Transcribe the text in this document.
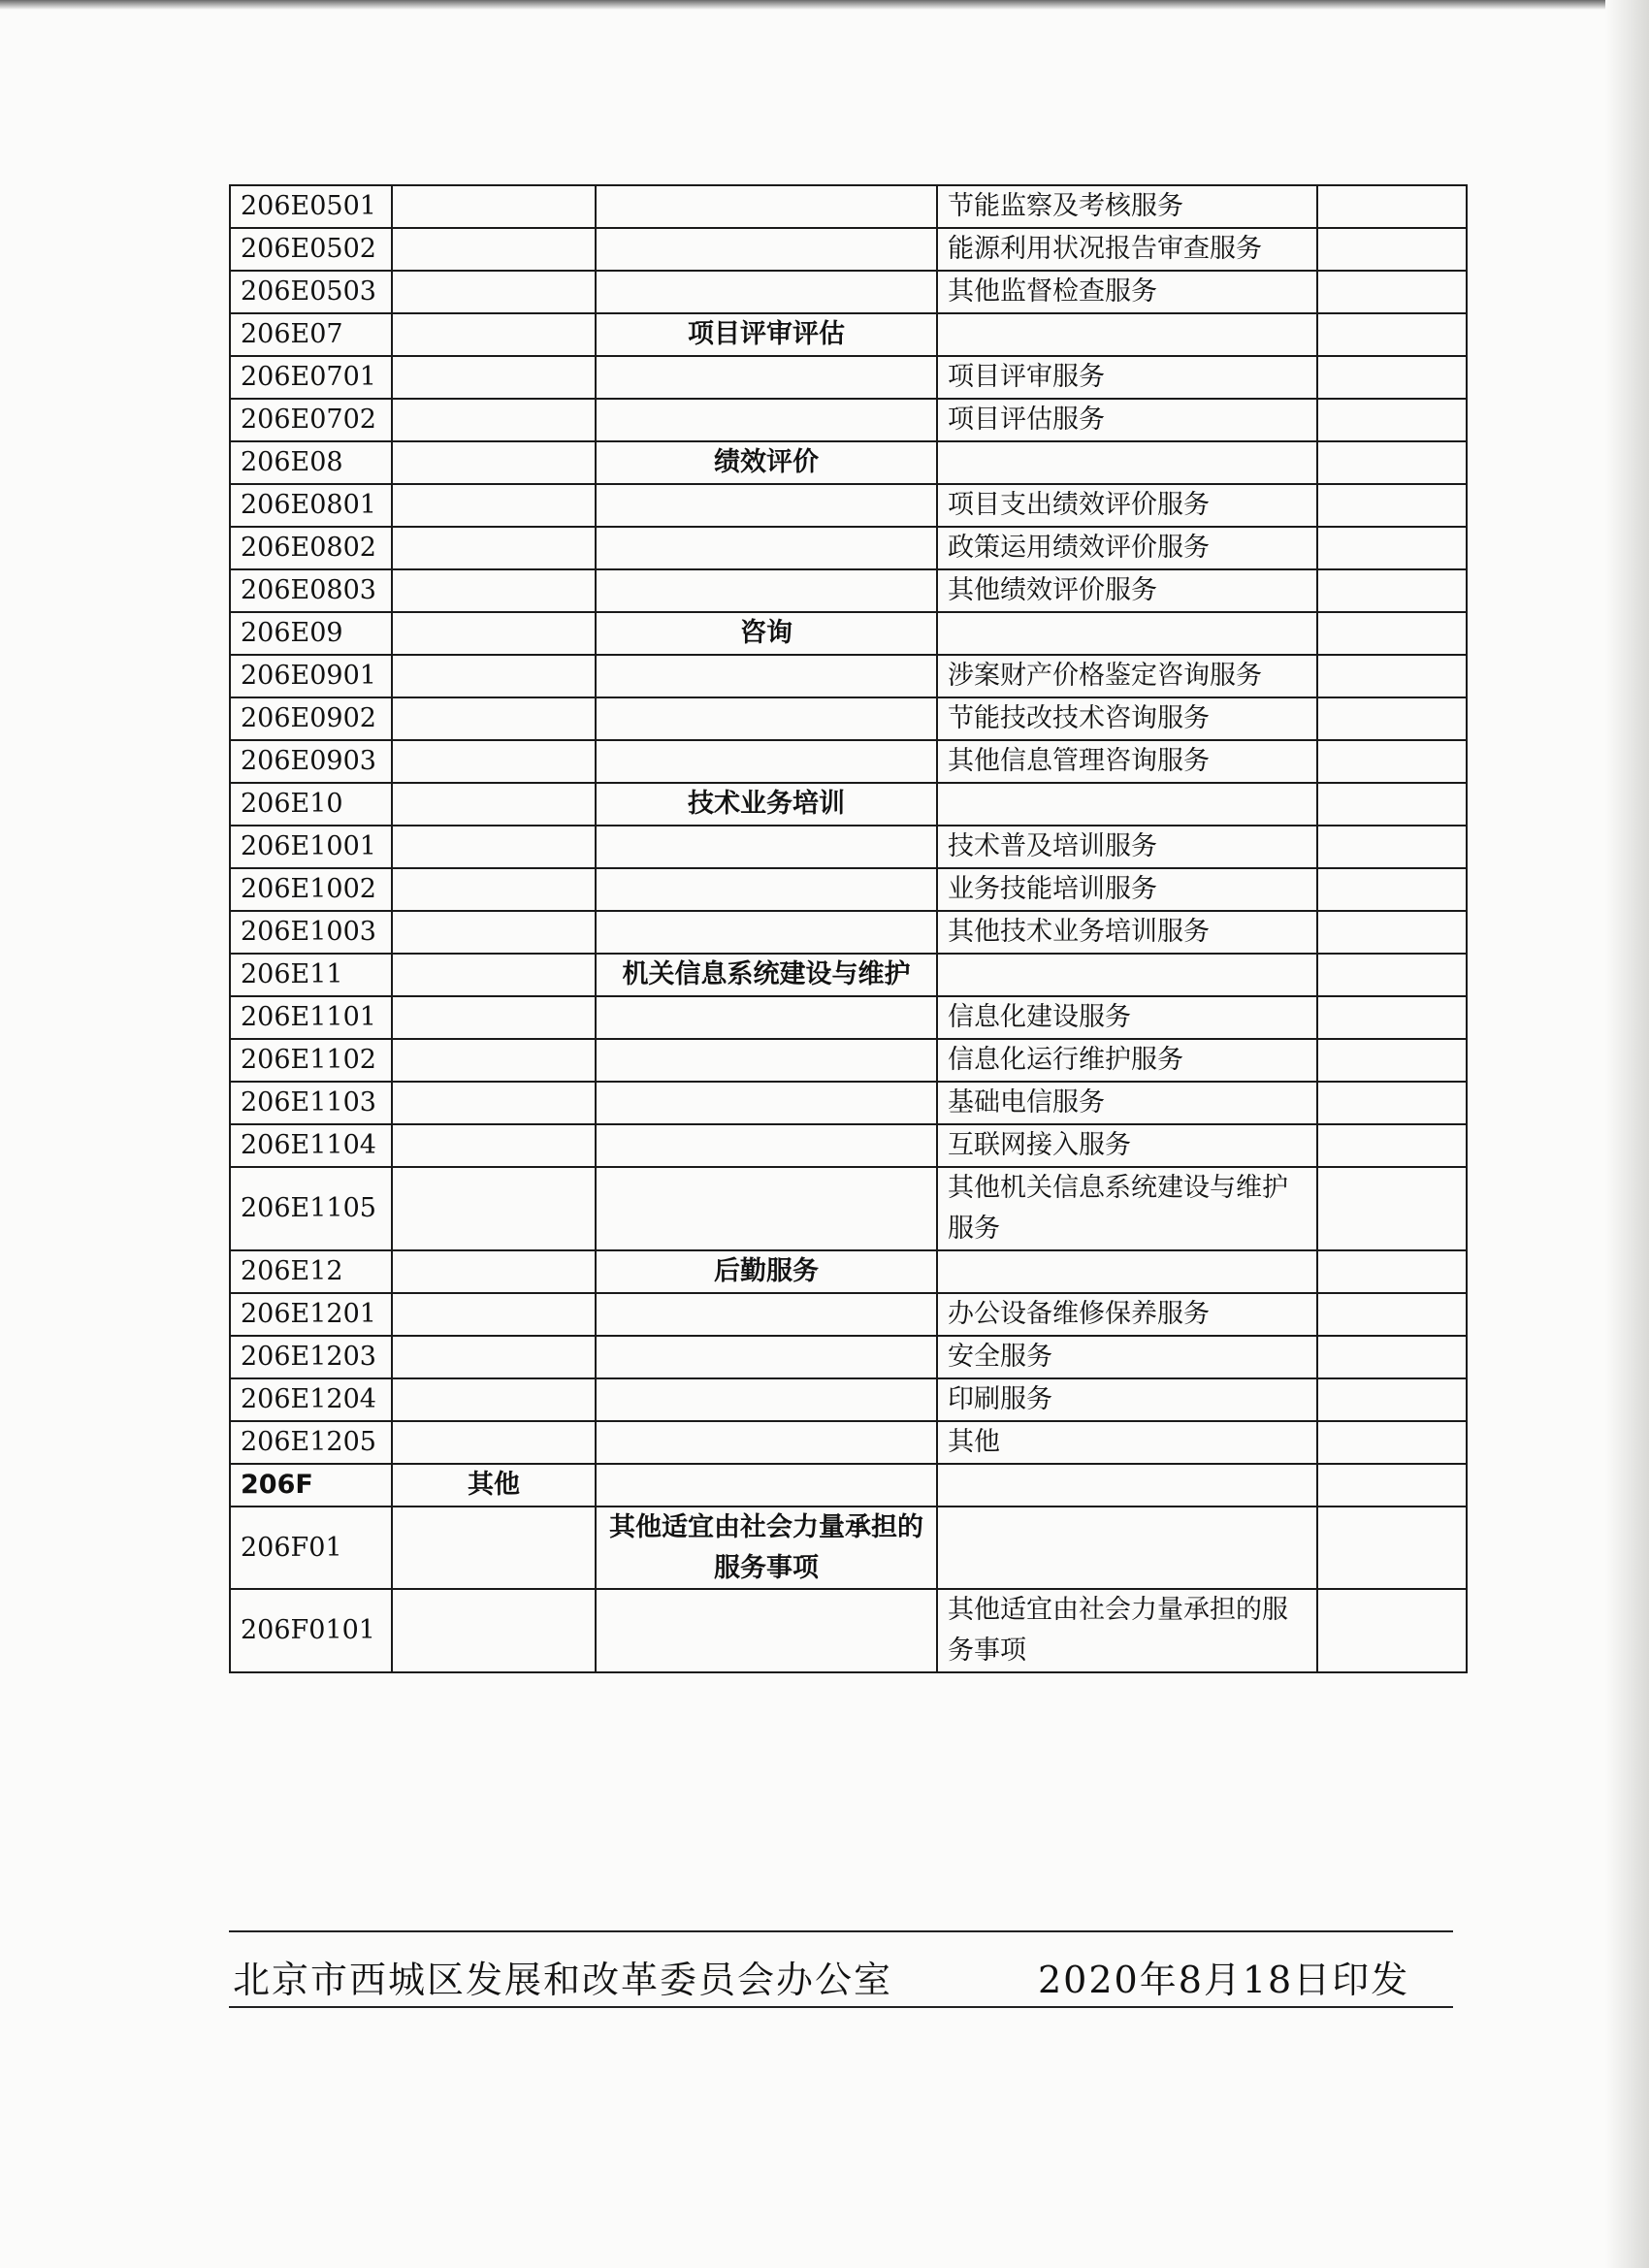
206E0501			节能监察及考核服务	
206E0502			能源利用状况报告审查服务	
206E0503			其他监督检查服务	
206E07		项目评审评估		
206E0701			项目评审服务	
206E0702			项目评估服务	
206E08		绩效评价		
206E0801			项目支出绩效评价服务	
206E0802			政策运用绩效评价服务	
206E0803			其他绩效评价服务	
206E09		咨询		
206E0901			涉案财产价格鉴定咨询服务	
206E0902			节能技改技术咨询服务	
206E0903			其他信息管理咨询服务	
206E10		技术业务培训		
206E1001			技术普及培训服务	
206E1002			业务技能培训服务	
206E1003			其他技术业务培训服务	
206E11		机关信息系统建设与维护		
206E1101			信息化建设服务	
206E1102			信息化运行维护服务	
206E1103			基础电信服务	
206E1104			互联网接入服务	
206E1105			其他机关信息系统建设与维护服务	
206E12		后勤服务		
206E1201			办公设备维修保养服务	
206E1203			安全服务	
206E1204			印刷服务	
206E1205			其他	
206F	其他			
206F01		其他适宜由社会力量承担的服务事项		
206F0101			其他适宜由社会力量承担的服务事项	
北京市西城区发展和改革委员会办公室	2020年8月18日印发
